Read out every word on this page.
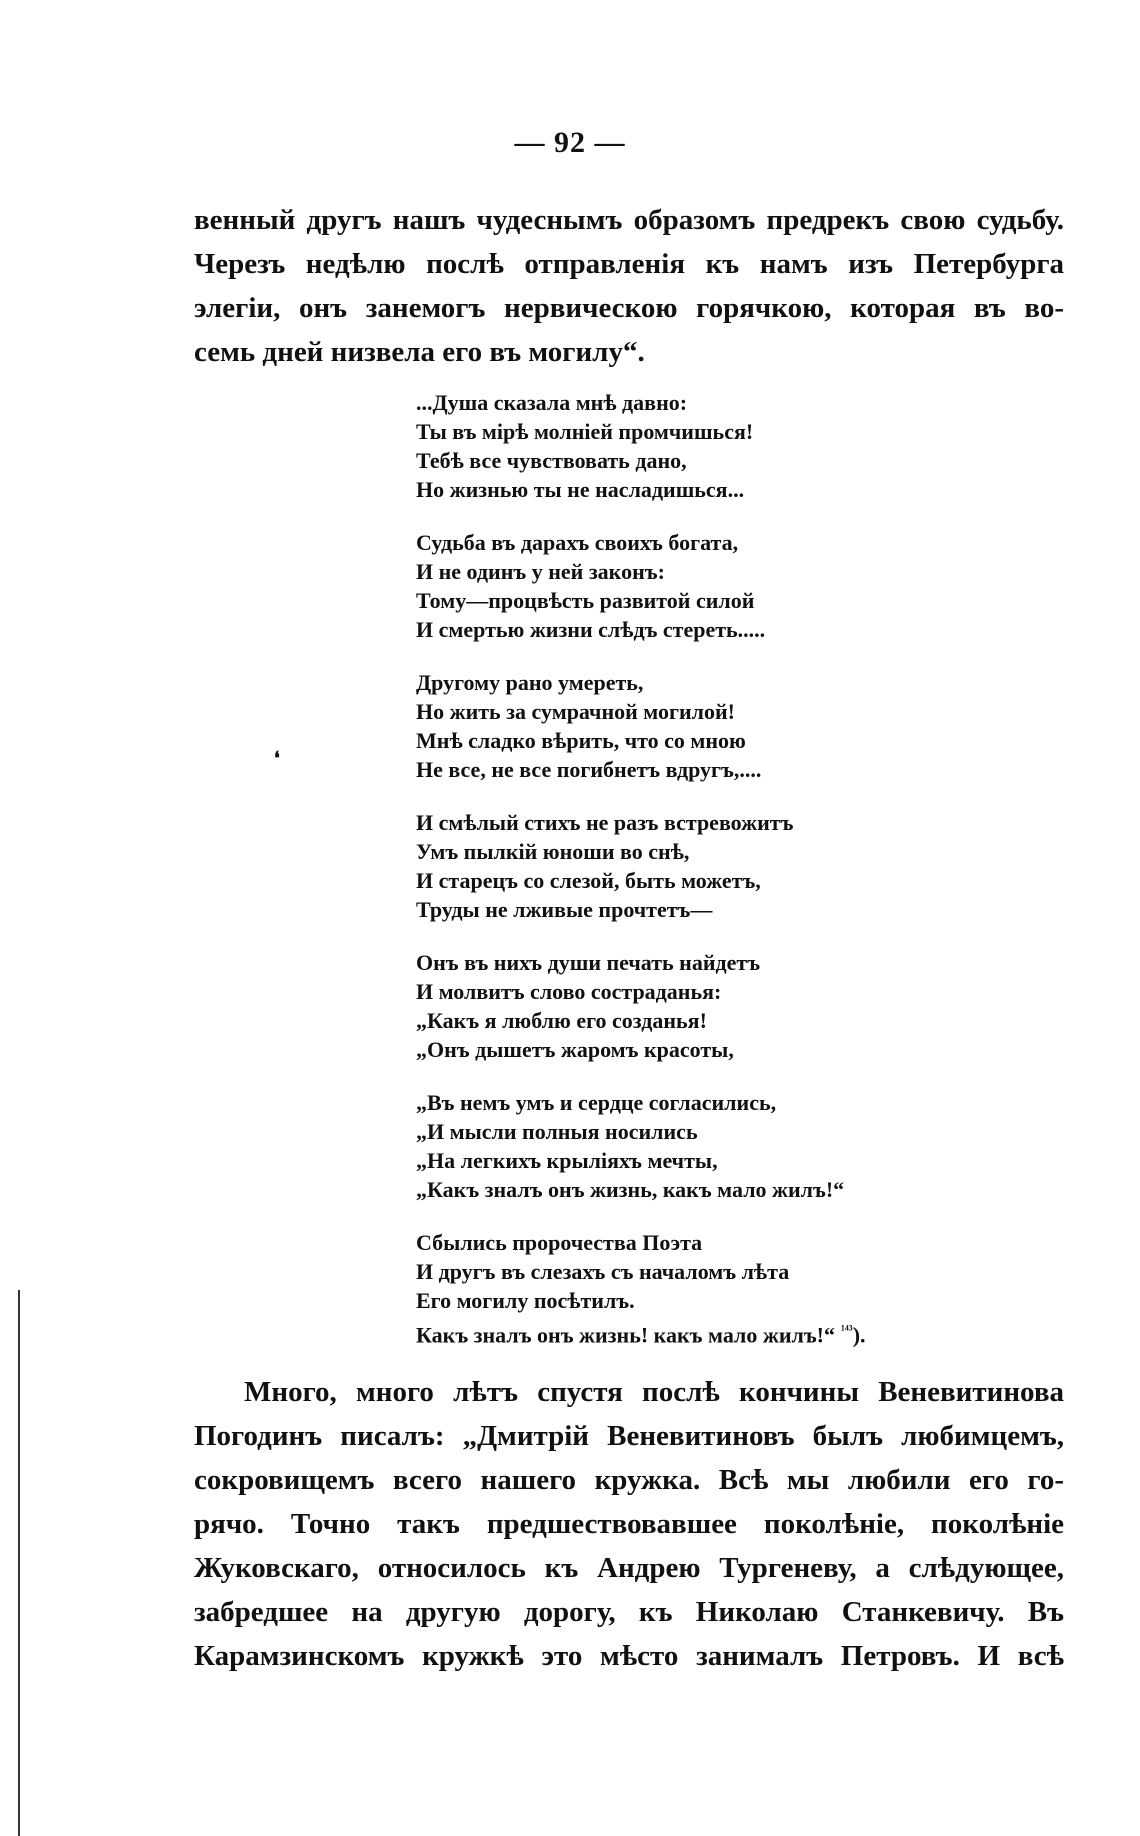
— 92 —
венный другъ нашъ чудеснымъ образомъ предрекъ свою судьбу.
Черезъ недѣлю послѣ отправленія къ намъ изъ Петербурга
элегіи, онъ занемогъ нервическою горячкою, которая въ во-
семь дней низвела его въ могилу“.
...Душа сказала мнѣ давно:
Ты въ мірѣ молніей промчишься!
Тебѣ все чувствовать дано,
Но жизнью ты не насладишься...
Судьба въ дарахъ своихъ богата,
И не одинъ у ней законъ:
Тому—процвѣсть развитой силой
И смертью жизни слѣдъ стереть.....
Другому рано умереть,
Но жить за сумрачной могилой!
Мнѣ сладко вѣрить, что со мною
Не все, не все погибнетъ вдругъ,....
И смѣлый стихъ не разъ встревожитъ
Умъ пылкій юноши во снѣ,
И старецъ со слезой, быть можетъ,
Труды не лживые прочтетъ—
Онъ въ нихъ души печать найдетъ
И молвитъ слово состраданья:
„Какъ я люблю его созданья!
„Онъ дышетъ жаромъ красоты,
„Въ немъ умъ и сердце согласились,
„И мысли полныя носились
„На легкихъ крыліяхъ мечты,
„Какъ зналъ онъ жизнь, какъ мало жилъ!“
Сбылись пророчества Поэта
И другъ въ слезахъ съ началомъ лѣта
Его могилу посѣтилъ.
Какъ зналъ онъ жизнь! какъ мало жилъ!“ $^{^{143}}$).
❛
Много, много лѣтъ спустя послѣ кончины Веневитинова
Погодинъ писалъ: „Дмитрій Веневитиновъ былъ любимцемъ,
сокровищемъ всего нашего кружка. Всѣ мы любили его го-
рячо. Точно такъ предшествовавшее поколѣніе, поколѣніе
Жуковскаго, относилось къ Андрею Тургеневу, а слѣдующее,
забредшее на другую дорогу, къ Николаю Станкевичу. Въ
Карамзинскомъ кружкѣ это мѣсто занималъ Петровъ. И всѣ
